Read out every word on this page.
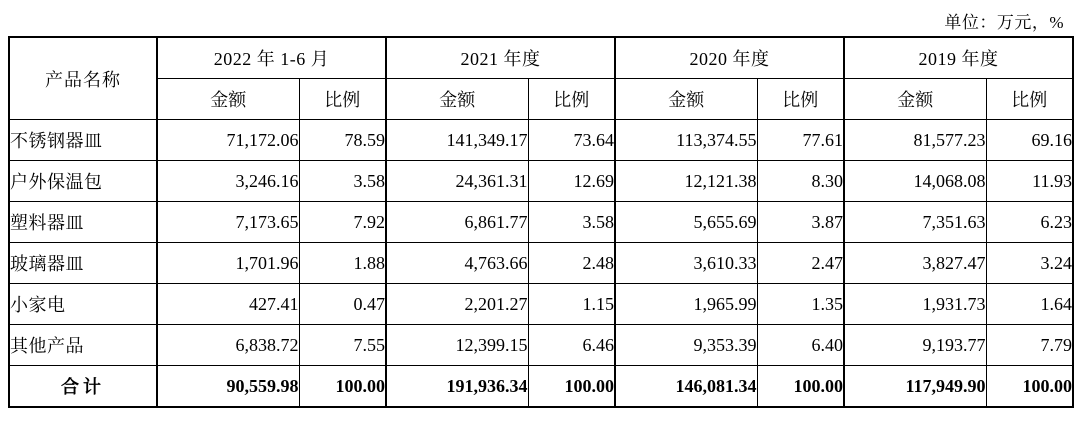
单位：万元，%
产品名称	2022 年 1-6 月		2021 年度		2020 年度		2019 年度	
	金额	比例	金额	比例	金额	比例	金额	比例
不锈钢器皿	71,172.06	78.59	141,349.17	73.64	113,374.55	77.61	81,577.23	69.16
户外保温包	3,246.16	3.58	24,361.31	12.69	12,121.38	8.30	14,068.08	11.93
塑料器皿	7,173.65	7.92	6,861.77	3.58	5,655.69	3.87	7,351.63	6.23
玻璃器皿	1,701.96	1.88	4,763.66	2.48	3,610.33	2.47	3,827.47	3.24
小家电	427.41	0.47	2,201.27	1.15	1,965.99	1.35	1,931.73	1.64
其他产品	6,838.72	7.55	12,399.15	6.46	9,353.39	6.40	9,193.77	7.79
合计	90,559.98	100.00	191,936.34	100.00	146,081.34	100.00	117,949.90	100.00
